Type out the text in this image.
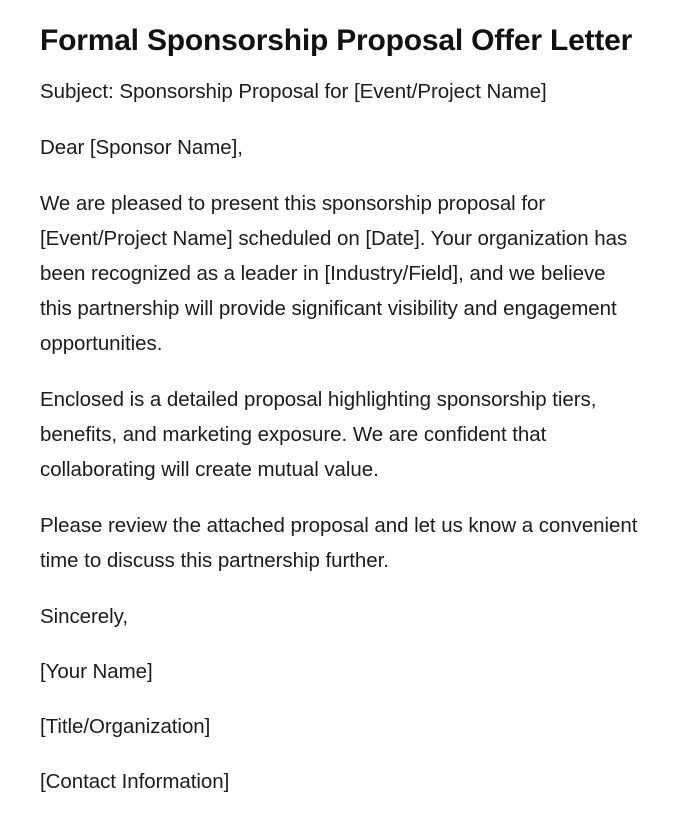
Formal Sponsorship Proposal Offer Letter

Subject: Sponsorship Proposal for [Event/Project Name]

Dear [Sponsor Name],

We are pleased to present this sponsorship proposal for [Event/Project Name] scheduled on [Date]. Your organization has been recognized as a leader in [Industry/Field], and we believe this partnership will provide significant visibility and engagement opportunities.

Enclosed is a detailed proposal highlighting sponsorship tiers, benefits, and marketing exposure. We are confident that collaborating will create mutual value.

Please review the attached proposal and let us know a convenient time to discuss this partnership further.

Sincerely,

[Your Name]

[Title/Organization]

[Contact Information]
